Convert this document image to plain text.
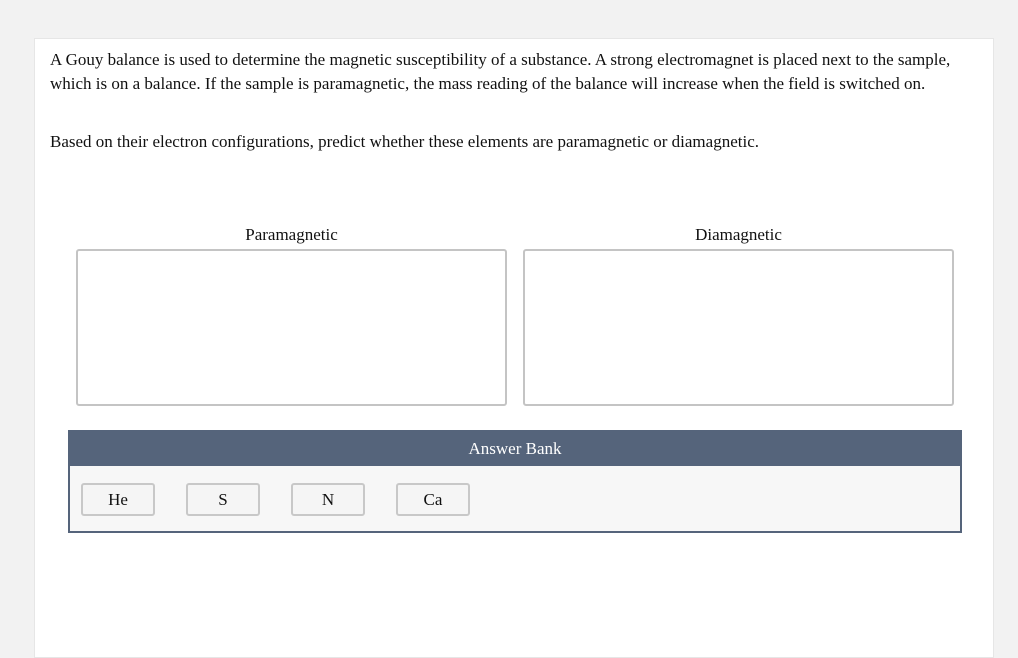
A Gouy balance is used to determine the magnetic susceptibility of a substance. A strong electromagnet is placed next to the sample, which is on a balance. If the sample is paramagnetic, the mass reading of the balance will increase when the field is switched on.

Based on their electron configurations, predict whether these elements are paramagnetic or diamagnetic.

Paramagnetic	Diamagnetic
Answer Bank
He	S	N	Ca
